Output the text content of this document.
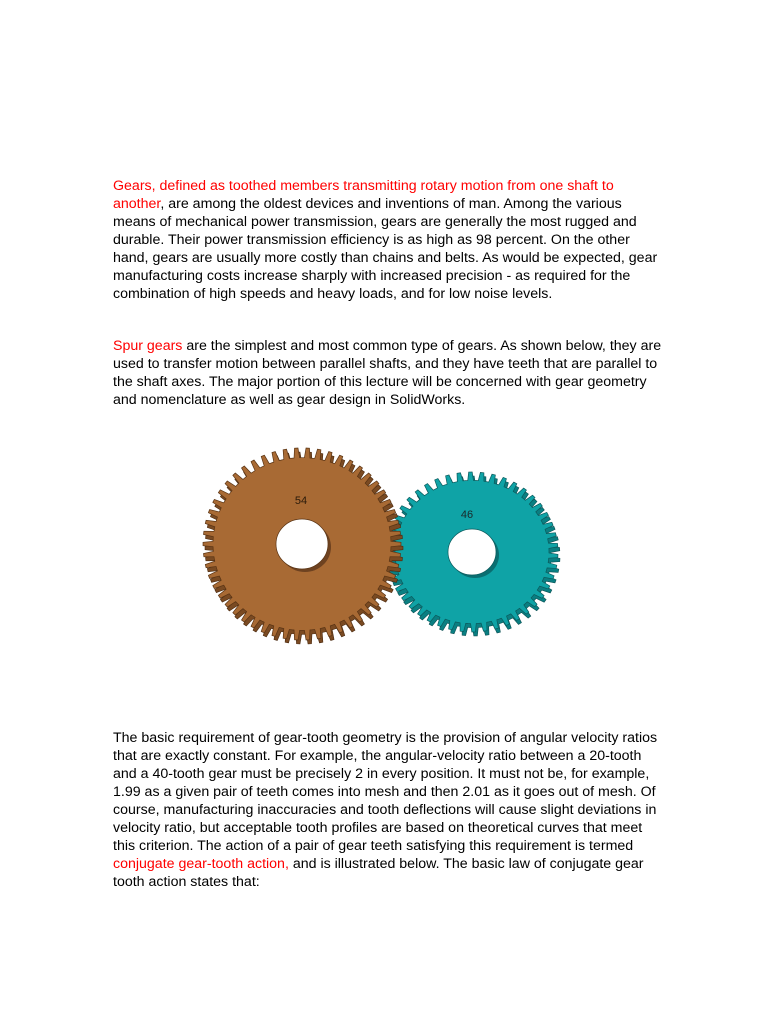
Gears, defined as toothed members transmitting rotary motion from one shaft to another, are among the oldest devices and inventions of man. Among the various means of mechanical power transmission, gears are generally the most rugged and durable. Their power transmission efficiency is as high as 98 percent. On the other hand, gears are usually more costly than chains and belts. As would be expected, gear manufacturing costs increase sharply with increased precision - as required for the combination of high speeds and heavy loads, and for low noise levels.

Spur gears are the simplest and most common type of gears. As shown below, they are used to transfer motion between parallel shafts, and they have teeth that are parallel to the shaft axes. The major portion of this lecture will be concerned with gear geometry and nomenclature as well as gear design in SolidWorks.

46
54

The basic requirement of gear-tooth geometry is the provision of angular velocity ratios that are exactly constant. For example, the angular-velocity ratio between a 20-tooth and a 40-tooth gear must be precisely 2 in every position. It must not be, for example, 1.99 as a given pair of teeth comes into mesh and then 2.01 as it goes out of mesh. Of course, manufacturing inaccuracies and tooth deflections will cause slight deviations in velocity ratio, but acceptable tooth profiles are based on theoretical curves that meet this criterion. The action of a pair of gear teeth satisfying this requirement is termed conjugate gear-tooth action, and is illustrated below. The basic law of conjugate gear tooth action states that:
